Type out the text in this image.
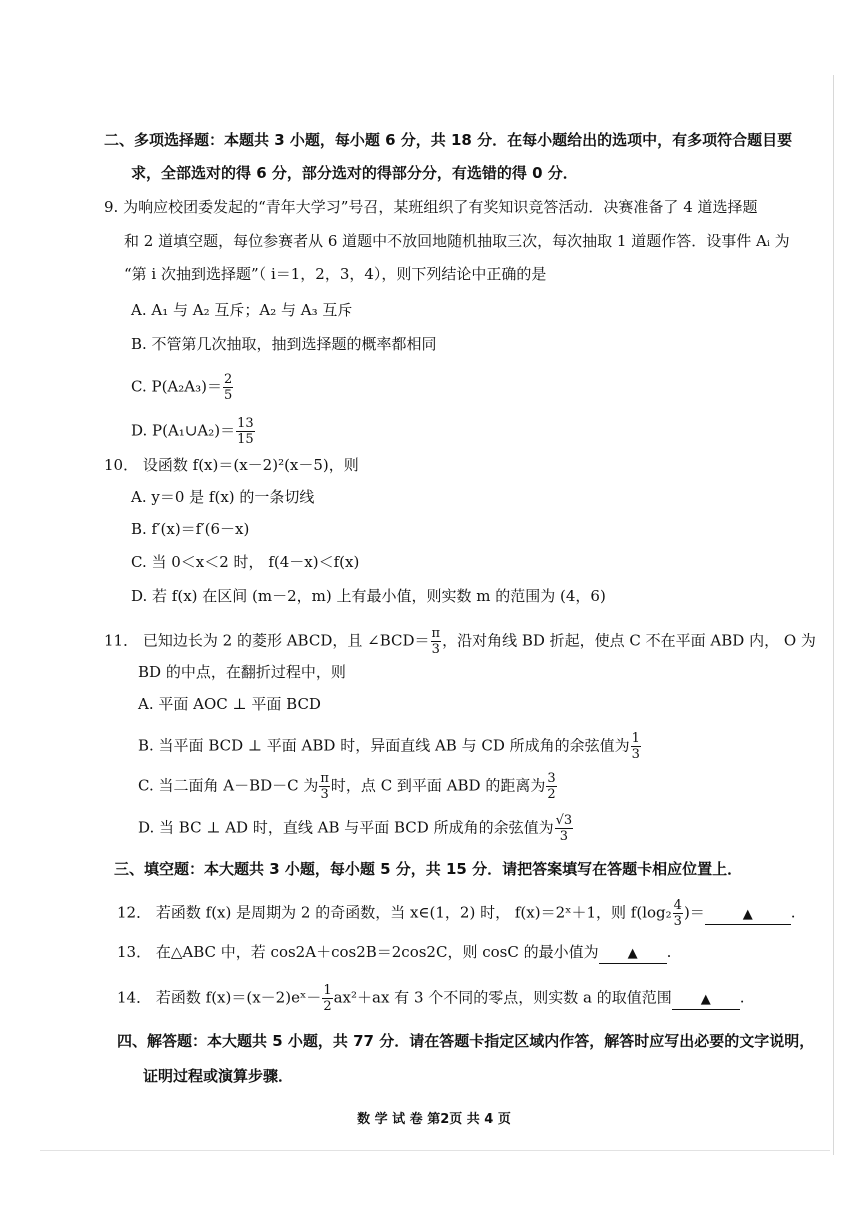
二、多项选择题：本题共 3 小题，每小题 6 分，共 18 分．在每小题给出的选项中，有多项符合题目要
求，全部选对的得 6 分，部分选对的得部分分，有选错的得 0 分．
9. 为响应校团委发起的“青年大学习”号召，某班组织了有奖知识竞答活动．决赛准备了 4 道选择题
和 2 道填空题，每位参赛者从 6 道题中不放回地随机抽取三次，每次抽取 1 道题作答．设事件 Aᵢ 为
“第 i 次抽到选择题”（ i＝1，2，3，4），则下列结论中正确的是
A. A₁ 与 A₂ 互斥；A₂ 与 A₃ 互斥
B. 不管第几次抽取，抽到选择题的概率都相同
C. $P(A_2A_3)= \frac{2}{5}$
D. P(A₁∪A₂)＝ $\frac{13}{15}$
10． 设函数 f(x)＝(x－2)²(x－5)，则
A. y＝0 是 f(x) 的一条切线
B. f′(x)＝f′(6－x)
C. 当 0＜x＜2 时， f(4－x)＜f(x)
D. 若 f(x) 在区间 (m－2，m) 上有最小值，则实数 m 的范围为 (4，6)
11． 已知边长为 2 的菱形 ABCD，且 ∠BCD＝ $\frac{\pi}{3}$ ，沿对角线 BD 折起，使点 C 不在平面 ABD 内， O 为
BD 的中点，在翻折过程中，则
A. 平面 AOC ⊥ 平面 BCD
B. 当平面 BCD ⊥ 平面 ABD 时，异面直线 AB 与 CD 所成角的余弦值为 $\frac{1}{3}$
C. 当二面角 A－BD－C 为 $\frac{\pi}{3}$ 时，点 C 到平面 ABD 的距离为 $\frac{3}{2}$
D. 当 BC ⊥ AD 时，直线 AB 与平面 BCD 所成角的余弦值为 $\frac{√3}{3}$
三、填空题：本大题共 3 小题，每小题 5 分，共 15 分．请把答案填写在答题卡相应位置上．
12． 若函数 f(x) 是周期为 2 的奇函数，当 x∈(1，2) 时， f(x)＝2ˣ＋1，则 $f(\log_2 \frac{4}{3}$ )＝	▲	.
13． 在△ABC 中，若 cos2A＋cos2B＝2cos2C，则 cosC 的最小值为 ▲ .
14． 若函数 f(x)＝(x－2)eˣ－ $\frac{1}{2} ax^2+ax$ 有 3 个不同的零点，则实数 a 的取值范围 ▲ .
四、解答题：本大题共 5 小题，共 77 分．请在答题卡指定区域内作答，解答时应写出必要的文字说明，
证明过程或演算步骤．
数 学 试 卷 第2页 共 4 页
